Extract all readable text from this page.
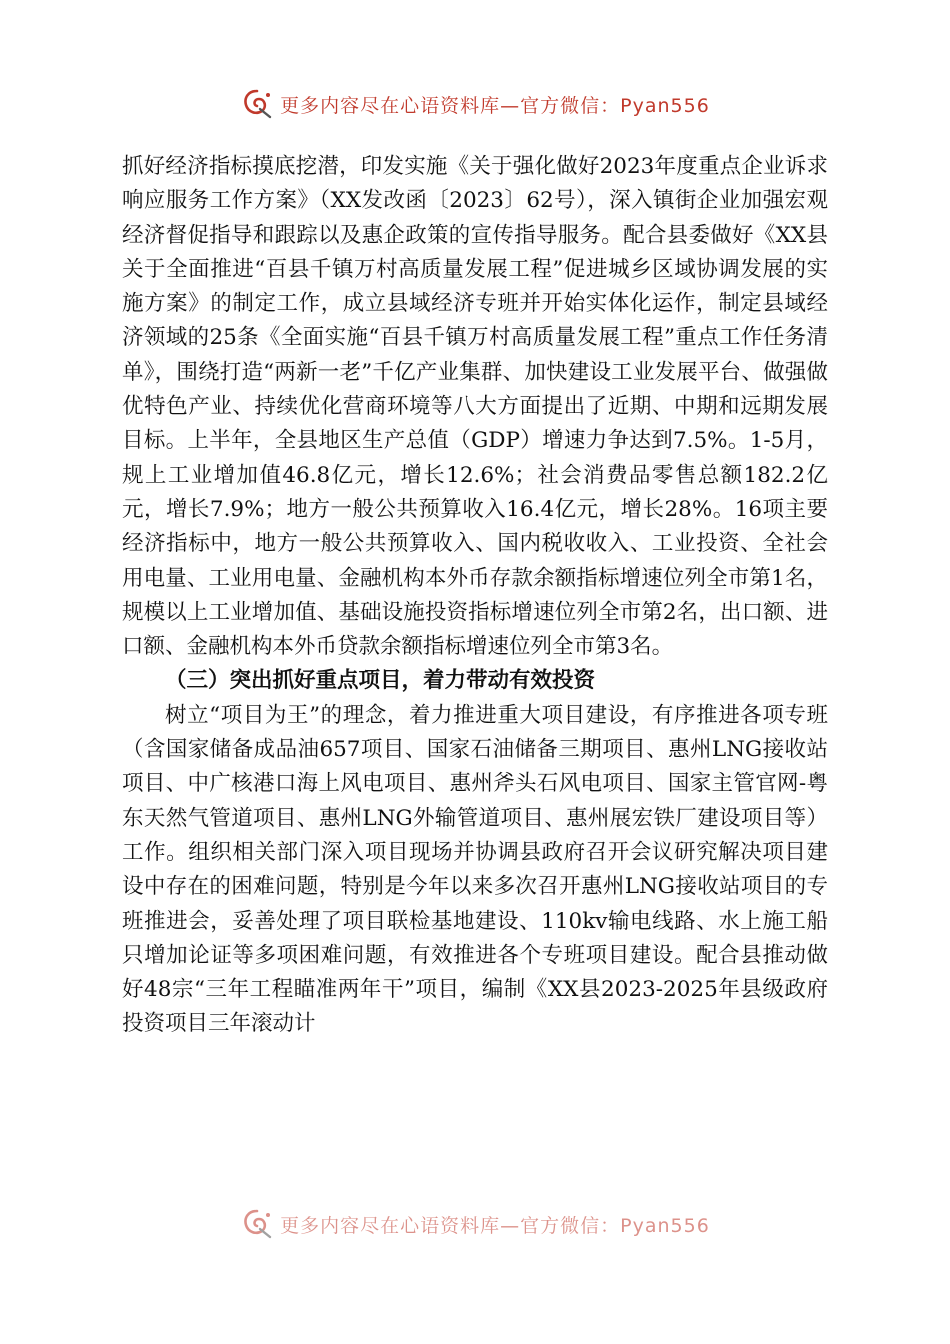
更多内容尽在心语资料库—官方微信：Pyan556

抓好经济指标摸底挖潜，印发实施《关于强化做好2023年度重点企业诉求响应服务工作方案》（XX发改函〔2023〕62号），深入镇街企业加强宏观经济督促指导和跟踪以及惠企政策的宣传指导服务。配合县委做好《XX县关于全面推进“百县千镇万村高质量发展工程”促进城乡区域协调发展的实施方案》的制定工作，成立县域经济专班并开始实体化运作，制定县域经济领域的25条《全面实施“百县千镇万村高质量发展工程”重点工作任务清单》，围绕打造“两新一老”千亿产业集群、加快建设工业发展平台、做强做优特色产业、持续优化营商环境等八大方面提出了近期、中期和远期发展目标。上半年，全县地区生产总值（GDP）增速力争达到7.5%。1-5月，规上工业增加值46.8亿元，增长12.6%；社会消费品零售总额182.2亿元，增长7.9%；地方一般公共预算收入16.4亿元，增长28%。16项主要经济指标中，地方一般公共预算收入、国内税收收入、工业投资、全社会用电量、工业用电量、金融机构本外币存款余额指标增速位列全市第1名，规模以上工业增加值、基础设施投资指标增速位列全市第2名，出口额、进口额、金融机构本外币贷款余额指标增速位列全市第3名。

（三）突出抓好重点项目，着力带动有效投资

树立“项目为王”的理念，着力推进重大项目建设，有序推进各项专班（含国家储备成品油657项目、国家石油储备三期项目、惠州LNG接收站项目、中广核港口海上风电项目、惠州斧头石风电项目、国家主管官网-粤东天然气管道项目、惠州LNG外输管道项目、惠州展宏铁厂建设项目等）工作。组织相关部门深入项目现场并协调县政府召开会议研究解决项目建设中存在的困难问题，特别是今年以来多次召开惠州LNG接收站项目的专班推进会，妥善处理了项目联检基地建设、110kv输电线路、水上施工船只增加论证等多项困难问题，有效推进各个专班项目建设。配合县推动做好48宗“三年工程瞄准两年干”项目，编制《XX县2023-2025年县级政府投资项目三年滚动计

更多内容尽在心语资料库—官方微信：Pyan556
